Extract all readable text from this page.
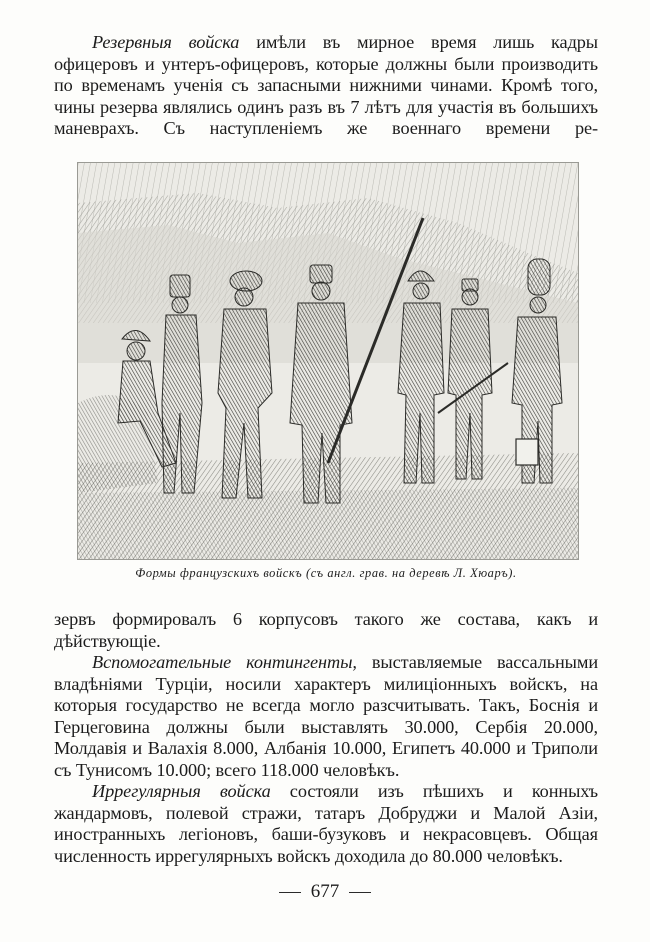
Резервныя войска имѣли въ мирное время лишь кадры офицеровъ и унтеръ-офицеровъ, которые должны были производить по временамъ ученія съ запасными нижними чинами. Кромѣ того, чины резерва являлись одинъ разъ въ 7 лѣтъ для участія въ большихъ маневрахъ. Съ наступленіемъ же военнаго времени ре-

Формы французскихъ войскъ (съ англ. грав. на деревѣ Л. Хюаръ).

зервъ формировалъ 6 корпусовъ такого же состава, какъ и дѣйствующіе.

Вспомогательные контингенты, выставляемые вассальными владѣніями Турціи, носили характеръ милиціонныхъ войскъ, на которыя государство не всегда могло разсчитывать. Такъ, Боснія и Герцеговина должны были выставлять 30.000, Сербія 20.000, Молдавія и Валахія 8.000, Албанія 10.000, Египетъ 40.000 и Триполи съ Тунисомъ 10.000; всего 118.000 человѣкъ.

Иррегулярныя войска состояли изъ пѣшихъ и конныхъ жандармовъ, полевой стражи, татаръ Добруджи и Малой Азіи, иностранныхъ легіоновъ, баши-бузуковъ и некрасовцевъ. Общая численность иррегулярныхъ войскъ доходила до 80.000 человѣкъ.

677
